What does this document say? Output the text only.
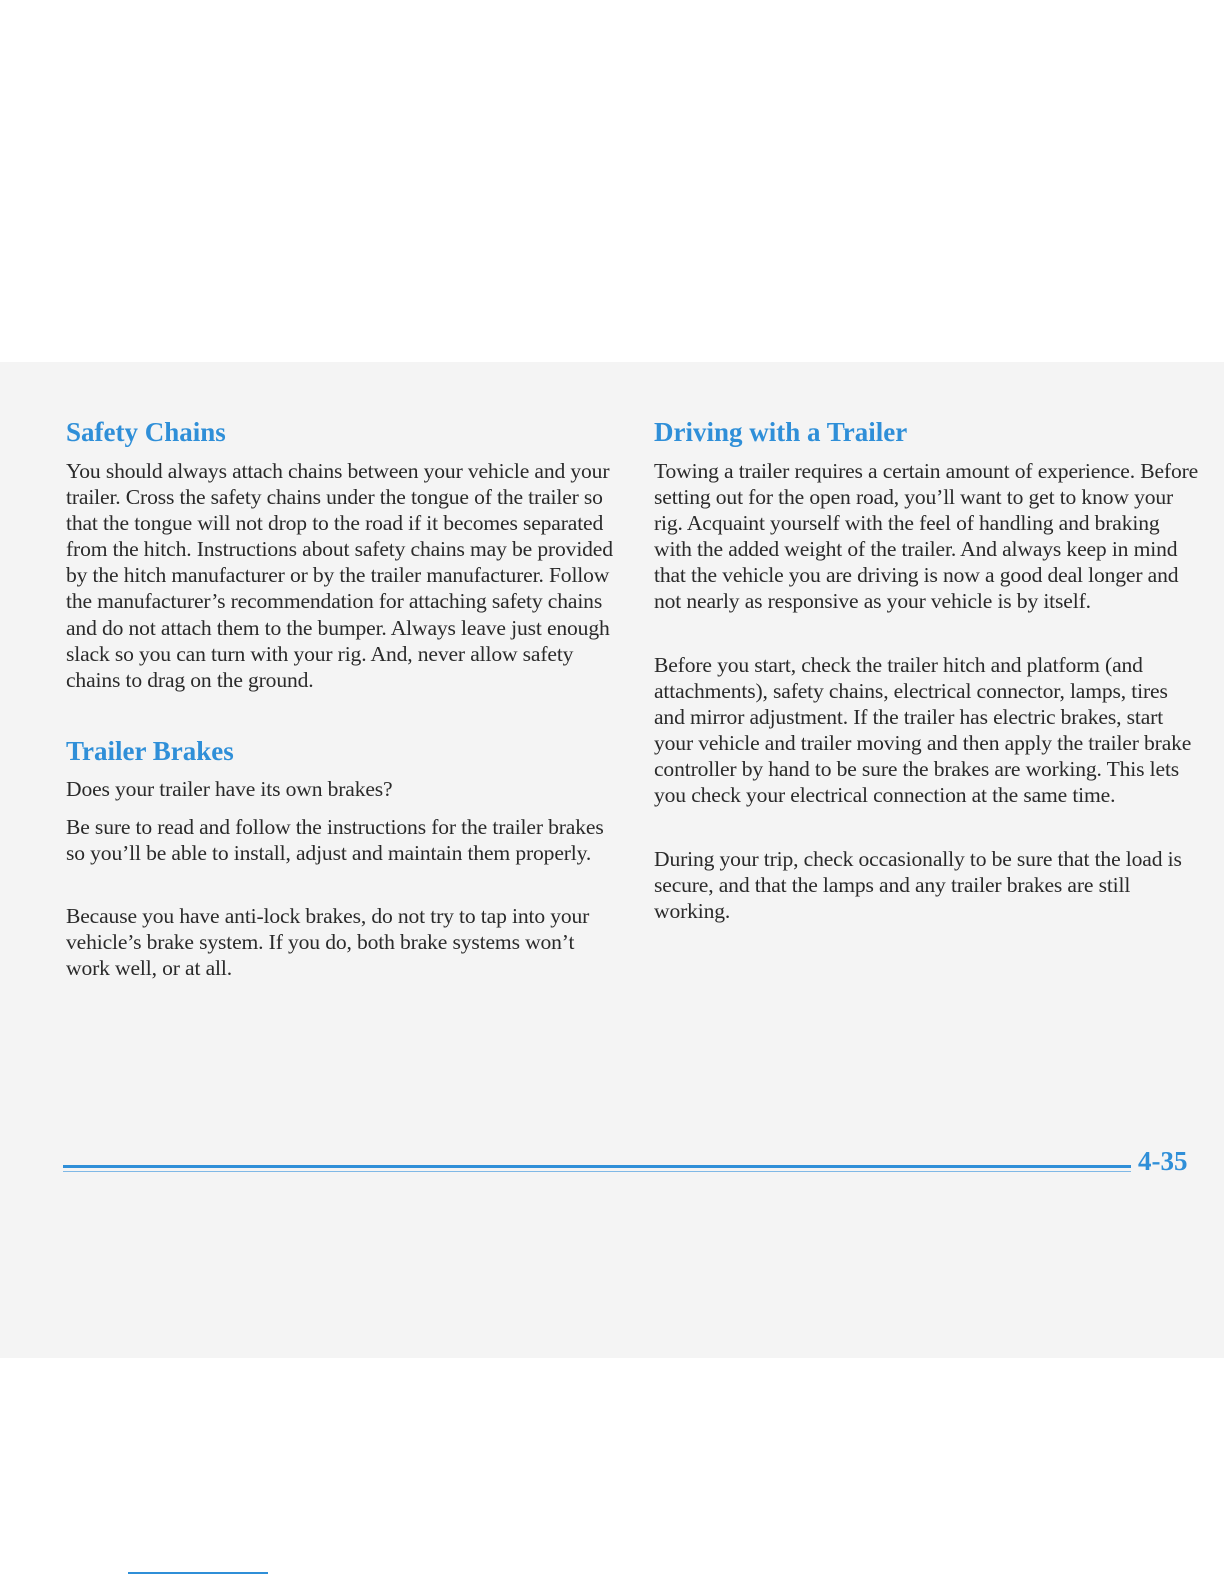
Safety Chains

You should always attach chains between your vehicle and your trailer. Cross the safety chains under the tongue of the trailer so that the tongue will not drop to the road if it becomes separated from the hitch. Instructions about safety chains may be provided by the hitch manufacturer or by the trailer manufacturer. Follow the manufacturer’s recommendation for attaching safety chains and do not attach them to the bumper. Always leave just enough slack so you can turn with your rig. And, never allow safety chains to drag on the ground.

Trailer Brakes

Does your trailer have its own brakes?

Be sure to read and follow the instructions for the trailer brakes so you’ll be able to install, adjust and maintain them properly.

Because you have anti-lock brakes, do not try to tap into your vehicle’s brake system. If you do, both brake systems won’t work well, or at all.

Driving with a Trailer

Towing a trailer requires a certain amount of experience. Before setting out for the open road, you’ll want to get to know your rig. Acquaint yourself with the feel of handling and braking with the added weight of the trailer. And always keep in mind that the vehicle you are driving is now a good deal longer and not nearly as responsive as your vehicle is by itself.

Before you start, check the trailer hitch and platform (and attachments), safety chains, electrical connector, lamps, tires and mirror adjustment. If the trailer has electric brakes, start your vehicle and trailer moving and then apply the trailer brake controller by hand to be sure the brakes are working. This lets you check your electrical connection at the same time.

During your trip, check occasionally to be sure that the load is secure, and that the lamps and any trailer brakes are still working.

4-35
